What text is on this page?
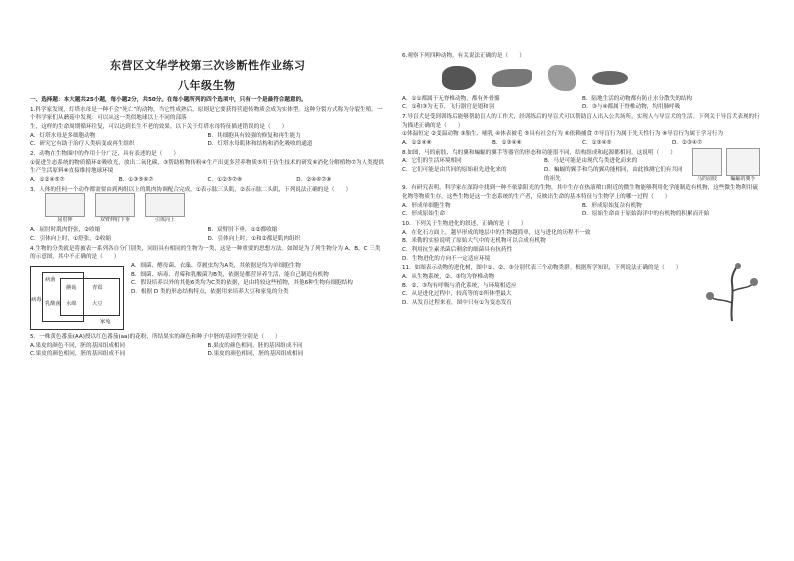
东营区文华学校第三次诊断性作业练习
八年级生物

一、选择题：本大题共25小题，每小题2分，共50分。在每小题所列的四个选项中，只有一个是最符合题意的。

1.科学家发现，灯塔水母是一种不会“死亡”的动物，当它性成熟后，原则是它要获得营遗传物质会成为实体型。这种分裂方式称为分裂生殖。一个科学家们从蘑菇中发现：可以从这一类似地球以上不同的部落

生，这样的生命周期循环往复，可以达到长生不老的效果。以下关于灯塔水母特征描述错误的是（　　）

A．灯塔水母是多细胞动物	B．其细胞具有较强的修复和再生能力
C．研究它有助于治疗人类病变或再生组织	D．灯塔水母肌体和结构和消化吸收的通道

2．动物在生物圈中的作用十分广泛，具有表述的是（　　）

①促进生态系统的物质循环②吸收光，放出二氧化碳，③帮助植物传粉④生产出更多营养物质⑤用于仿生技术的研发⑥消化分解植物⑦为人类提供生产生活原料⑧直接维持地球环境

A．①②④⑤⑦	B．①③⑤⑥⑦	C．①②⑤⑦⑧	D．②④⑥⑦⑧

3．人体的任何一个动作都需要由到两组以上的肌肉协调配合完成。①表示肱三头肌，②表示肱二头肌，下列说法正确的是（　　）

屈肘伸	双臂伸肘下垂	引体向上
A．屈肘时肌肉舒张，②收缩	B．双臂肘下垂，①②都收缩
C．引体向上时，①舒张，②收缩	D．引体向上时，①和②都是肌肉组织

4.生物的分类就是将被表一系列各自分门别类，同组具有相同的生物为一类，这是一种重要的思想方法。如图是为了列生物分为 A、B、C 三类的示意图，其中不正确的是（　　）

病毒
病菌
乳酸菌
青霉
蘑菇
水绵	大豆
家兔

A．细菌、酵母菌、衣藻、草履虫均为A类，其依据是均为单细胞生物

B．细菌、病毒、青霉和乳酸菌为B类，依据是都营异养生活，能自己制造有机物

C．假设培养以外的其他6类均为C类的依据，是由将较这些植物，其他6种生物有细胞结构

D．根据 D 类的形态结构特点，依据用来培养大豆和家兔的分类

5．一株黄色番茄(AA)授以红色番茄(aa)的花粉，所结果实的颜色和种子中胚的基因型分别是（　　）

A.果皮的颜色不同，胚的基因组成相同	B.果皮的颜色相同，胚的基因组成不同
C.果皮的颜色相同，胚的基因组成不同	D.果皮的颜色相同，胚的基因组成相同

6.观察下列四种动物，有关说法正确的是（　　）

A．①①都属于无脊椎动物，都有外骨骼	B．陆地生活的动物都有防止水分散失的结构
C．①和③为无节，飞行器官是翅和羽	D．③与④都属于脊椎动物，均用肺呼吸

7.导盲犬是受到训练后能够帮助盲人的工作犬，经训练后的导盲犬可以帮助盲人出入公共场所，实现人与导盲犬的生活。下列关于导盲犬表现的行为描述正确的是（　　）

①体温恒定 ②变温动物 ③胎生、哺乳 ④体表被毛 ⑤具有社会行为 ⑥依赖捕食 ⑦导盲行为属于先天性行为 ⑧导盲行为属于学习行为

A．①②④⑧	B．①③④⑧	C．①③④⑤	D．②③④⑦

8.如图，马的前肢、鸟的翼和蝙蝠的翼手等器官的形态和功能很不同，结构组成和起源都相同，这说明（　　）

A．它们的生活环境相同	B．马是可能是由现代鸟类进化而来的
C．它们可能是由共同的原始祖先进化来的	D．蝙蝠的翼手和鸟的翼功能相同，由此推测它们有共同的祖先	马的前肢	蝙蝠的翼手

9．有研究表明，科学家在深海中找到一种不依靠阳光的生物，其中生存在热液喷口附近的微生物能够利用化学能制造有机物，这些微生物利用硫化物等物质生存，这些生物是这一生态系统的生产者，反映出生命的基本特征与生物学上的哪一过程（　　）

A．形成单细胞生物	B．形成原始复杂有机物
C．形成原始生命	D．原始生命由于原始海洋中的有机物的积累而开始

10．下列关于生物进化的叙述，正确的是（　　）

A．在化石方面上，越早形成的地层中的生物越简单，这与进化的历程不一致

B．米勒的实验说明了原始大气中的无机物可以合成有机物

C．利用抗生素杀菌后剩余的细菌具有抗药性

D．生物进化的方向不一定适应环境

11．如图表示动物的进化树，图中①、②、③分别代表三个动物类群。根据所学知识，下列说法正确的是（　　）

A．从生物系统，②、③均为脊椎动物

B．②、③均有呼吸与消化系统，与环境相适应

C．从是进化过程中，较高等的②所体型最大

D．从发育过程来看，图中只有①为变态发育
